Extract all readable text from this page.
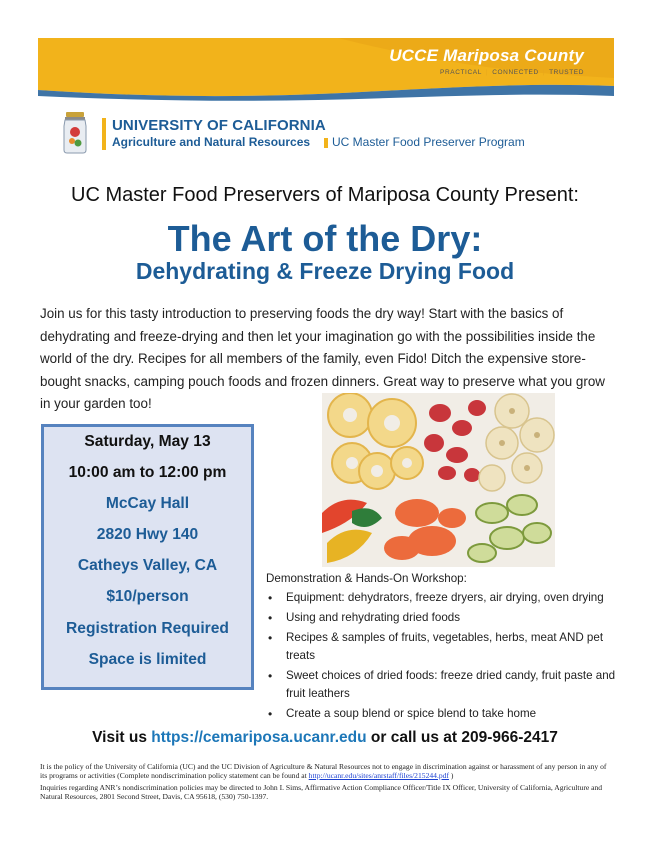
UCCE Mariposa County
PRACTICAL | CONNECTED | TRUSTED
UNIVERSITY OF CALIFORNIA
Agriculture and Natural Resources UC Master Food Preserver Program
UC Master Food Preservers of Mariposa County Present:
The Art of the Dry:
Dehydrating & Freeze Drying Food
Join us for this tasty introduction to preserving foods the dry way! Start with the basics of dehydrating and freeze-drying and then let your imagination go with the possibilities inside the world of the dry. Recipes for all members of the family, even Fido! Ditch the expensive store-bought snacks, camping pouch foods and frozen dinners. Great way to preserve what you grow in your garden too!
Saturday, May 13
10:00 am to 12:00 pm
McCay Hall
2820 Hwy 140
Catheys Valley, CA
$10/person
Registration Required
Space is limited
Demonstration & Hands-On Workshop:
• Equipment: dehydrators, freeze dryers, air drying, oven drying
• Using and rehydrating dried foods
• Recipes & samples of fruits, vegetables, herbs, meat AND pet treats
• Sweet choices of dried foods: freeze dried candy, fruit paste and fruit leathers
• Create a soup blend or spice blend to take home
Visit us https://cemariposa.ucanr.edu or call us at 209-966-2417
It is the policy of the University of California (UC) and the UC Division of Agriculture & Natural Resources not to engage in discrimination against or harassment of any person in any of its programs or activities (Complete nondiscrimination policy statement can be found at http://ucanr.edu/sites/anrstaff/files/215244.pdf )
Inquiries regarding ANR’s nondiscrimination policies may be directed to John I. Sims, Affirmative Action Compliance Officer/Title IX Officer, University of California, Agriculture and Natural Resources, 2801 Second Street, Davis, CA 95618, (530) 750-1397.
